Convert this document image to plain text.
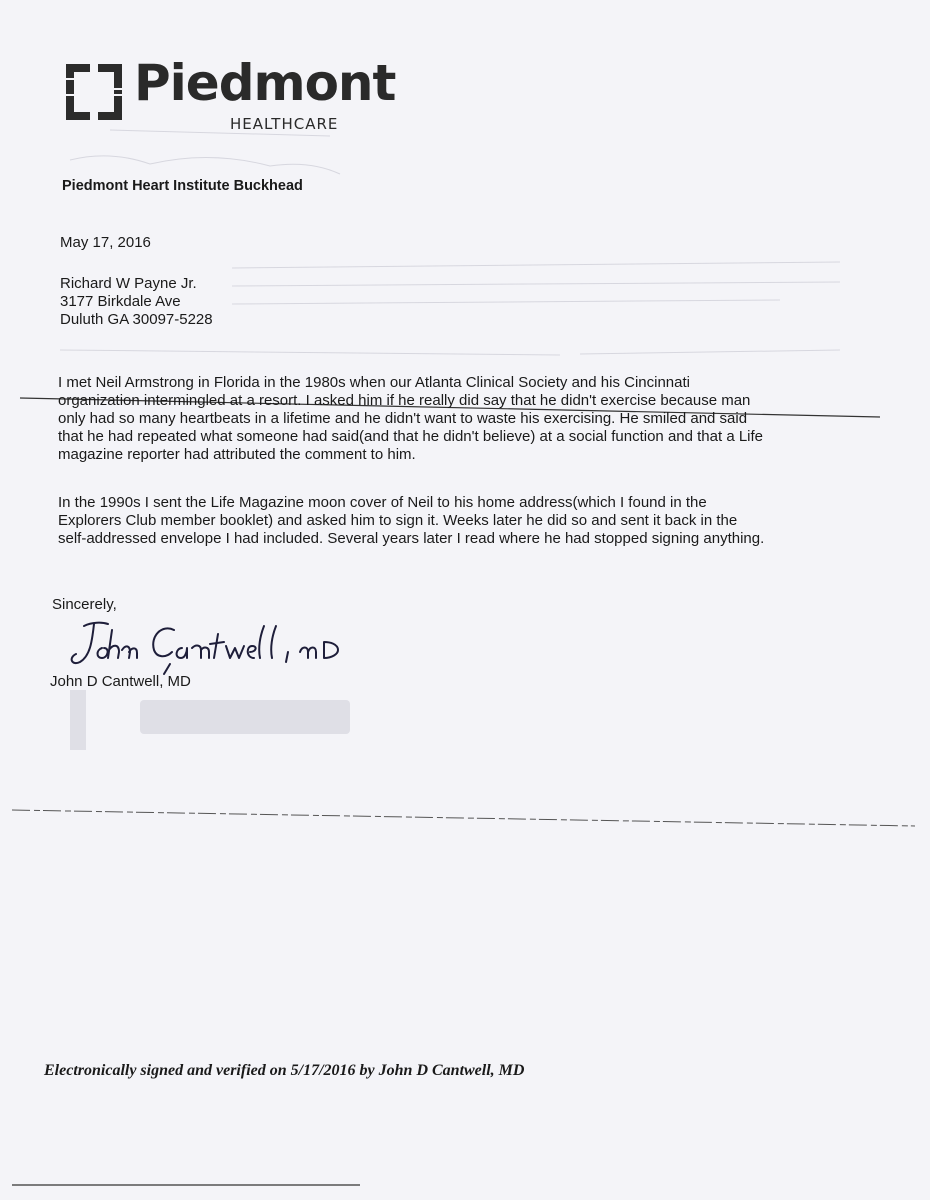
Piedmont
HEALTHCARE
Piedmont Heart Institute Buckhead
May 17, 2016
Richard W Payne Jr.
3177 Birkdale Ave
Duluth GA 30097-5228
I met Neil Armstrong in Florida in the 1980s when our Atlanta Clinical Society and his Cincinnati
organization intermingled at a resort. I asked him if he really did say that he didn't exercise because man
only had so many heartbeats in a lifetime and he didn't want to waste his exercising. He smiled and said
that he had repeated what someone had said(and that he didn't believe) at a social function and that a Life
magazine reporter had attributed the comment to him.
In the 1990s I sent the Life Magazine moon cover of Neil to his home address(which I found in the
Explorers Club member booklet) and asked him to sign it. Weeks later he did so and sent it back in the
self-addressed envelope I had included. Several years later I read where he had stopped signing anything.
Sincerely,
John D Cantwell, MD
Electronically signed and verified on 5/17/2016 by John D Cantwell, MD
